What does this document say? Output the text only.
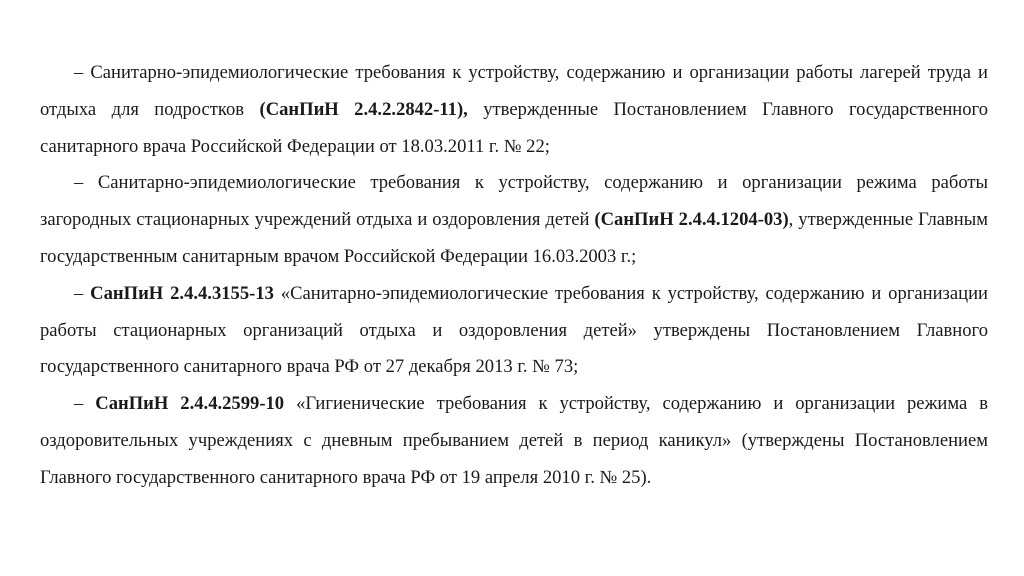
– Санитарно-эпидемиологические требования к устройству, содержанию и организации работы лагерей труда и отдыха для подростков (СанПиН 2.4.2.2842-11), утвержденные Постановлением Главного государственного санитарного врача Российской Федерации от 18.03.2011 г. № 22;

– Санитарно-эпидемиологические требования к устройству, содержанию и организации режима работы загородных стационарных учреждений отдыха и оздоровления детей (СанПиН 2.4.4.1204-03), утвержденные Главным государственным санитарным врачом Российской Федерации 16.03.2003 г.;

– СанПиН 2.4.4.3155-13 «Санитарно-эпидемиологические требования к устройству, содержанию и организации работы стационарных организаций отдыха и оздоровления детей» утверждены Постановлением Главного государственного санитарного врача РФ от 27 декабря 2013 г. № 73;

– СанПиН 2.4.4.2599-10 «Гигиенические требования к устройству, содержанию и организации режима в оздоровительных учреждениях с дневным пребыванием детей в период каникул» (утверждены Постановлением Главного государственного санитарного врача РФ от 19 апреля 2010 г. № 25).
